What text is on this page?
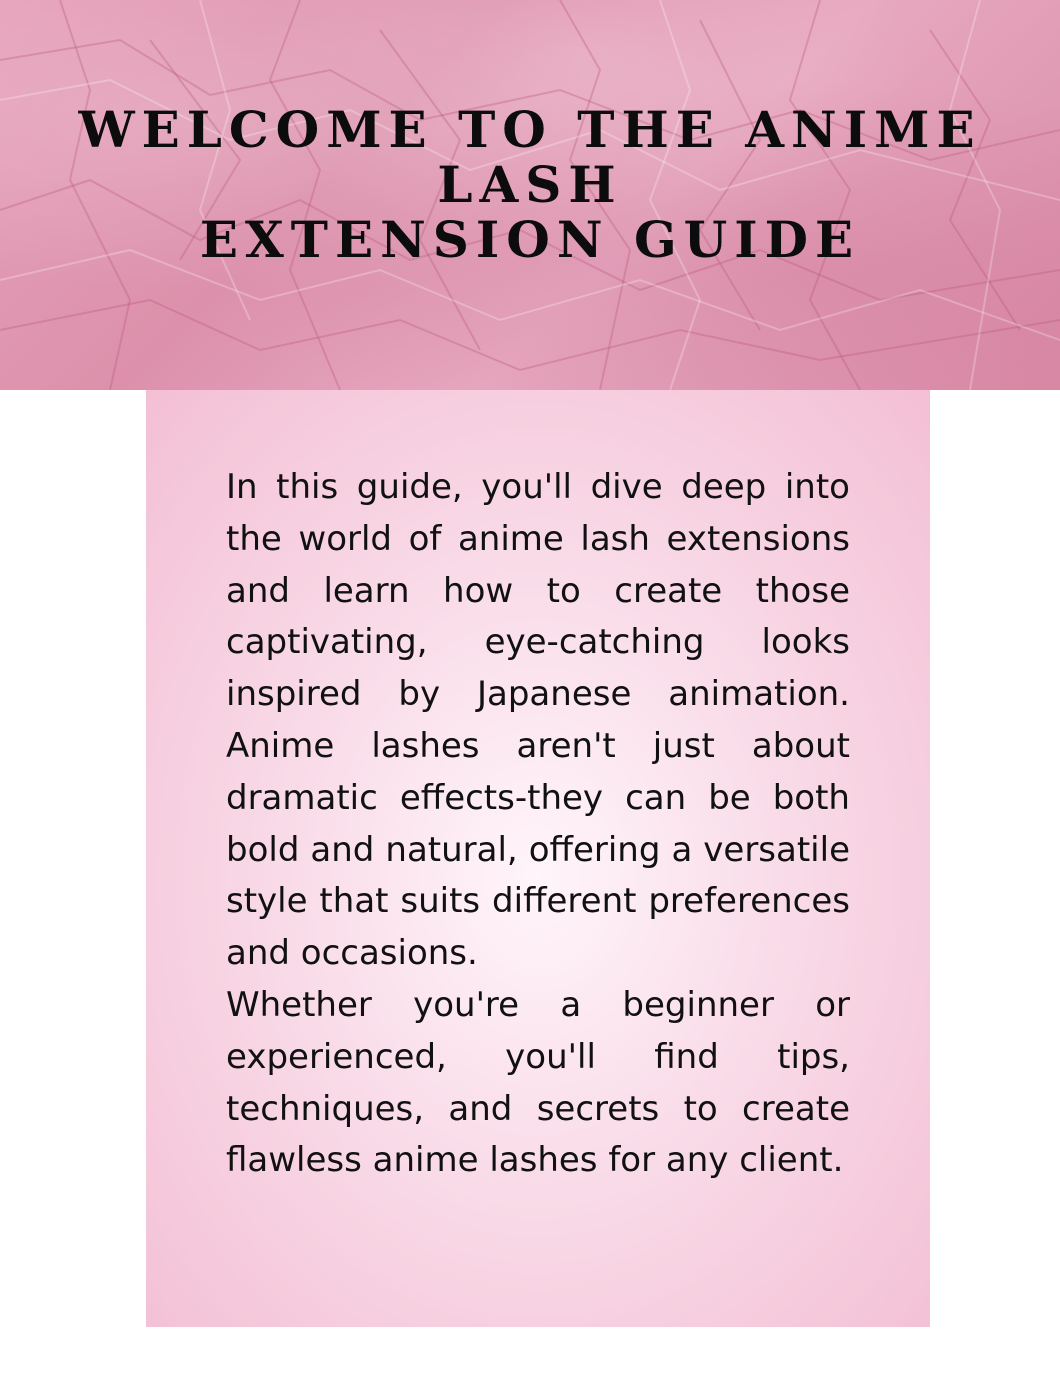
WELCOME TO THE ANIME
LASH
EXTENSION GUIDE

In this guide, you'll dive deep into the world of anime lash extensions and learn how to create those captivating, eye-catching looks inspired by Japanese animation. Anime lashes aren't just about dramatic effects-they can be both bold and natural, offering a versatile style that suits different preferences and occasions.

Whether you're a beginner or experienced, you'll find tips, techniques, and secrets to create flawless anime lashes for any client.
